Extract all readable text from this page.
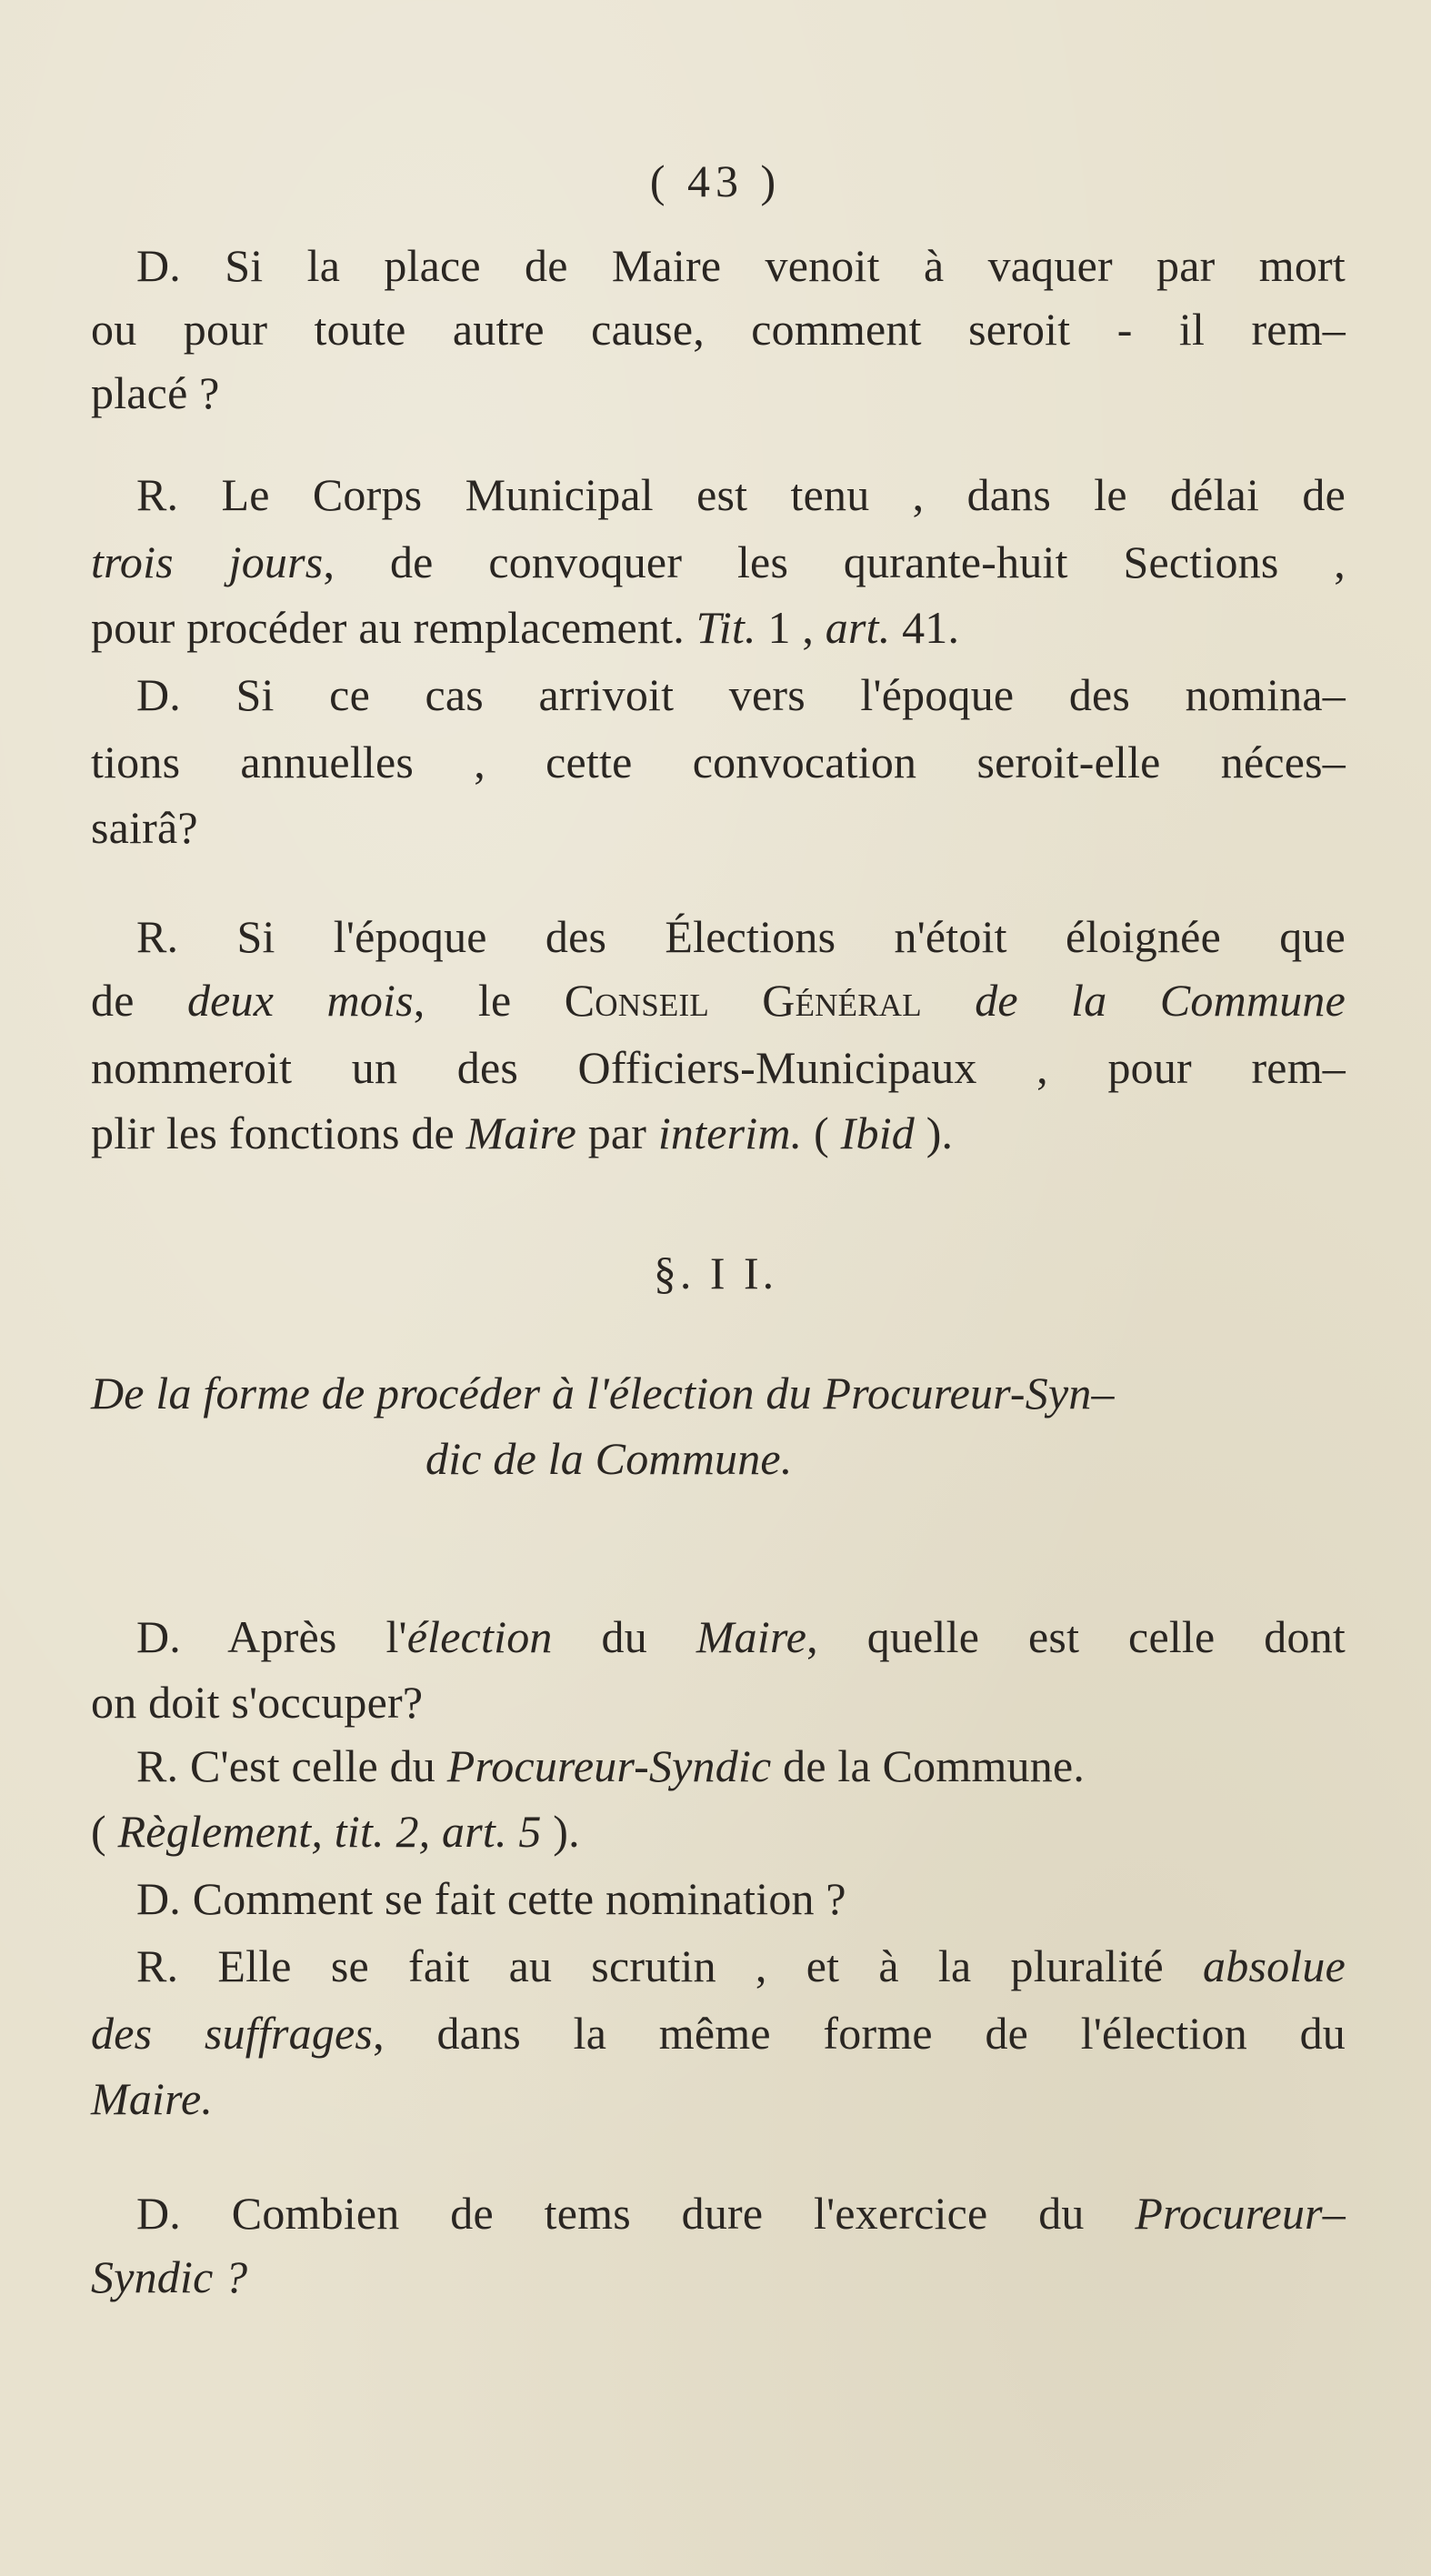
( 43 )
D. Si la place de Maire venoit à vaquer par mort
ou pour toute autre cause, comment seroit - il rem–
placé ?
R. Le Corps Municipal est tenu , dans le délai de
trois jours, de convoquer les qurante-huit Sections ,
pour procéder au remplacement. Tit. 1 , art. 41.
D. Si ce cas arrivoit vers l'époque des nomina–
tions annuelles , cette convocation seroit-elle néces–
sairâ?
R. Si l'époque des Élections n'étoit éloignée que
de deux mois, le Conseil Général de la Commune
nommeroit un des Officiers-Municipaux , pour rem–
plir les fonctions de Maire par interim. ( Ibid ).
§. I I.
De la forme de procéder à l'élection du Procureur-Syn–
dic de la Commune.
D. Après l'élection du Maire, quelle est celle dont
on doit s'occuper?
R. C'est celle du Procureur-Syndic de la Commune.
( Règlement, tit. 2, art. 5 ).
D. Comment se fait cette nomination ?
R. Elle se fait au scrutin , et à la pluralité absolue
des suffrages, dans la même forme de l'élection du
Maire.
D. Combien de tems dure l'exercice du Procureur–
Syndic ?
